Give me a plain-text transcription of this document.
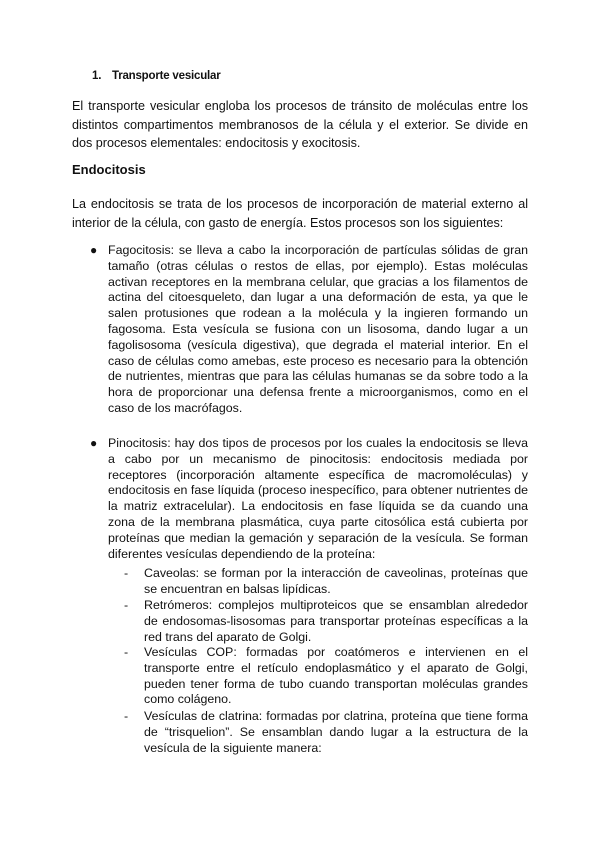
1. Transporte vesicular

El transporte vesicular engloba los procesos de tránsito de moléculas entre los distintos compartimentos membranosos de la célula y el exterior. Se divide en dos procesos elementales: endocitosis y exocitosis.

Endocitosis

La endocitosis se trata de los procesos de incorporación de material externo al interior de la célula, con gasto de energía. Estos procesos son los siguientes:

● Fagocitosis: se lleva a cabo la incorporación de partículas sólidas de gran tamaño (otras células o restos de ellas, por ejemplo). Estas moléculas activan receptores en la membrana celular, que gracias a los filamentos de actina del citoesqueleto, dan lugar a una deformación de esta, ya que le salen protusiones que rodean a la molécula y la ingieren formando un fagosoma. Esta vesícula se fusiona con un lisosoma, dando lugar a un fagolisosoma (vesícula digestiva), que degrada el material interior. En el caso de células como amebas, este proceso es necesario para la obtención de nutrientes, mientras que para las células humanas se da sobre todo a la hora de proporcionar una defensa frente a microorganismos, como en el caso de los macrófagos.

● Pinocitosis: hay dos tipos de procesos por los cuales la endocitosis se lleva a cabo por un mecanismo de pinocitosis: endocitosis mediada por receptores (incorporación altamente específica de macromoléculas) y endocitosis en fase líquida (proceso inespecífico, para obtener nutrientes de la matriz extracelular). La endocitosis en fase líquida se da cuando una zona de la membrana plasmática, cuya parte citosólica está cubierta por proteínas que median la gemación y separación de la vesícula. Se forman diferentes vesículas dependiendo de la proteína:

- Caveolas: se forman por la interacción de caveolinas, proteínas que se encuentran en balsas lipídicas.

- Retrómeros: complejos multiproteicos que se ensamblan alrededor de endosomas-lisosomas para transportar proteínas específicas a la red trans del aparato de Golgi.

- Vesículas COP: formadas por coatómeros e intervienen en el transporte entre el retículo endoplasmático y el aparato de Golgi, pueden tener forma de tubo cuando transportan moléculas grandes como colágeno.

- Vesículas de clatrina: formadas por clatrina, proteína que tiene forma de “trisquelion”. Se ensamblan dando lugar a la estructura de la vesícula de la siguiente manera:
